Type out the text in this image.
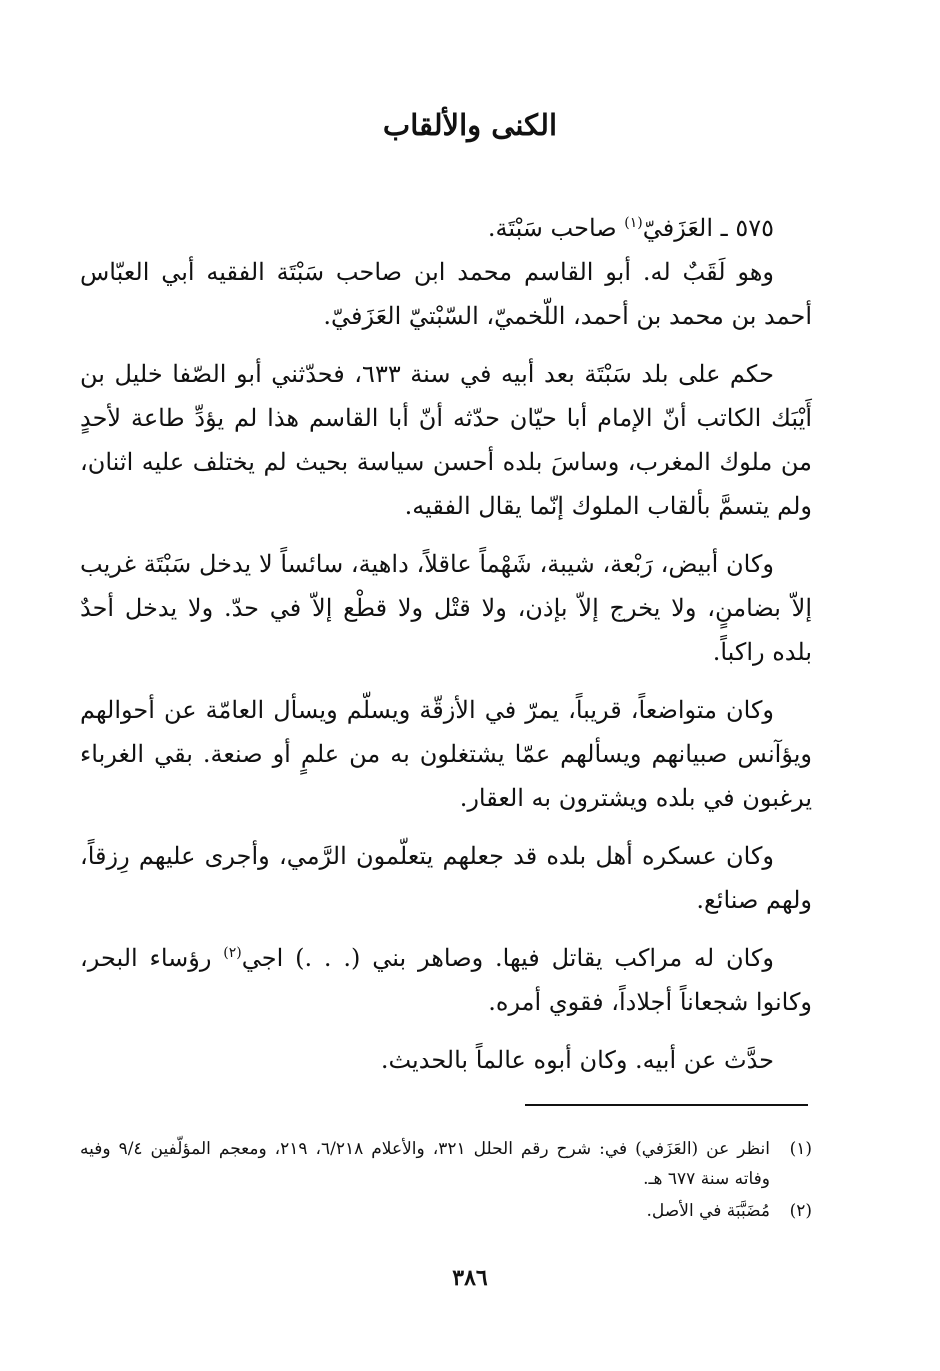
الكنى والألقاب

٥٧٥ ـ العَزَفيّ$^{(١)}$ صاحب سَبْتَة.

وهو لَقَبٌ له. أبو القاسم محمد ابن صاحب سَبْتَة الفقيه أبي العبّاس أحمد بن محمد بن أحمد، اللّخميّ، السّبْتيّ العَزَفيّ.

حكم على بلد سَبْتَة بعد أبيه في سنة ٦٣٣، فحدّثني أبو الصّفا خليل بن أَيْبَك الكاتب أنّ الإمام أبا حيّان حدّثه أنّ أبا القاسم هذا لم يؤدِّ طاعة لأحدٍ من ملوك المغرب، وساسَ بلده أحسن سياسة بحيث لم يختلف عليه اثنان، ولم يتسمَّ بألقاب الملوك إنّما يقال الفقيه.

وكان أبيض، رَبْعة، شيبة، شَهْماً عاقلاً، داهية، سائساً لا يدخل سَبْتَة غريب إلاّ بضامنٍ، ولا يخرج إلاّ بإذن، ولا قتْل ولا قطْع إلاّ في حدّ. ولا يدخل أحدٌ بلده راكباً.

وكان متواضعاً، قريباً، يمرّ في الأزقّة ويسلّم ويسأل العامّة عن أحوالهم ويؤآنس صبيانهم ويسألهم عمّا يشتغلون به من علمٍ أو صنعة. بقي الغرباء يرغبون في بلده ويشترون به العقار.

وكان عسكره أهل بلده قد جعلهم يتعلّمون الرَّمي، وأجرى عليهم رِزقاً، ولهم صنائع.

وكان له مراكب يقاتل فيها. وصاهر بني (. . .) اجي$^{(٢)}$ رؤساء البحر، وكانوا شجعاناً أجلاداً، فقوي أمره.

حدَّث عن أبيه. وكان أبوه عالماً بالحديث.

(١)
انظر عن (العَزَفي) في: شرح رقم الحلل ٣٢١، والأعلام ٦/٢١٨، ٢١٩، ومعجم المؤلّفين ٩/٤ وفيه وفاته سنة ٦٧٧ هـ.
(٢)
مُضَبَّبَة في الأصل.
٣٨٦
